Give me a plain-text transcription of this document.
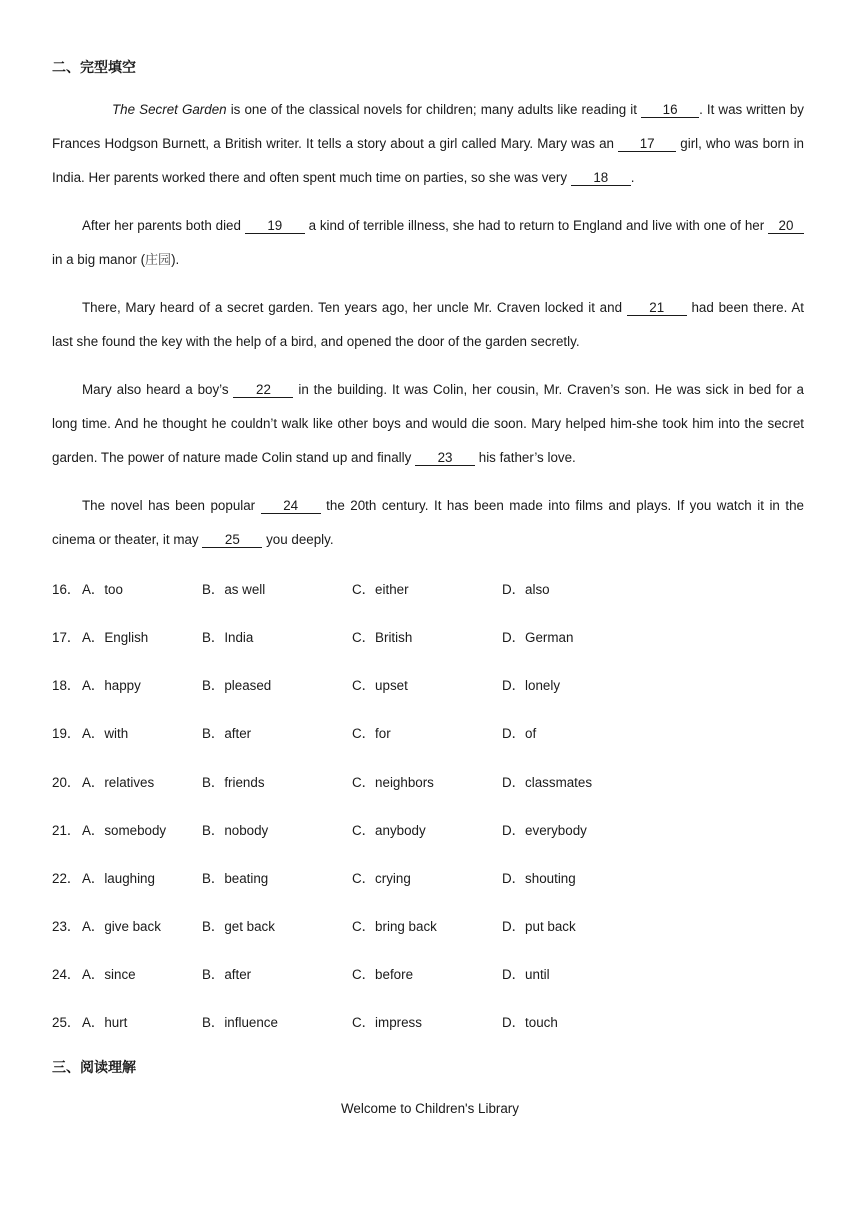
二、完型填空
The Secret Garden is one of the classical novels for children; many adults like reading it 16 . It was written by Frances Hodgson Burnett, a British writer. It tells a story about a girl called Mary. Mary was an 17 girl, who was born in India. Her parents worked there and often spent much time on parties, so she was very 18 .
After her parents both died 19 a kind of terrible illness, she had to return to England and live with one of her 20 in a big manor (庄园).
There, Mary heard of a secret garden. Ten years ago, her uncle Mr. Craven locked it and 21 had been there. At last she found the key with the help of a bird, and opened the door of the garden secretly.
Mary also heard a boy’s 22 in the building. It was Colin, her cousin, Mr. Craven’s son. He was sick in bed for a long time. And he thought he couldn’t walk like other boys and would die soon. Mary helped him-she took him into the secret garden. The power of nature made Colin stand up and finally 23 his father’s love.
The novel has been popular 24 the 20th century. It has been made into films and plays. If you watch it in the cinema or theater, it may 25 you deeply.
16． A．too	B．as well	C．either	D．also
17． A．English	B．India	C．British	D．German
18． A．happy	B．pleased	C．upset	D．lonely
19． A．with	B．after	C．for	D．of
20． A．relatives	B．friends	C．neighbors	D．classmates
21． A．somebody	B．nobody	C．anybody	D．everybody
22． A．laughing	B．beating	C．crying	D．shouting
23． A．give back	B．get back	C．bring back	D．put back
24． A．since	B．after	C．before	D．until
25． A．hurt	B．influence	C．impress	D．touch
三、阅读理解
Welcome to Children's Library
